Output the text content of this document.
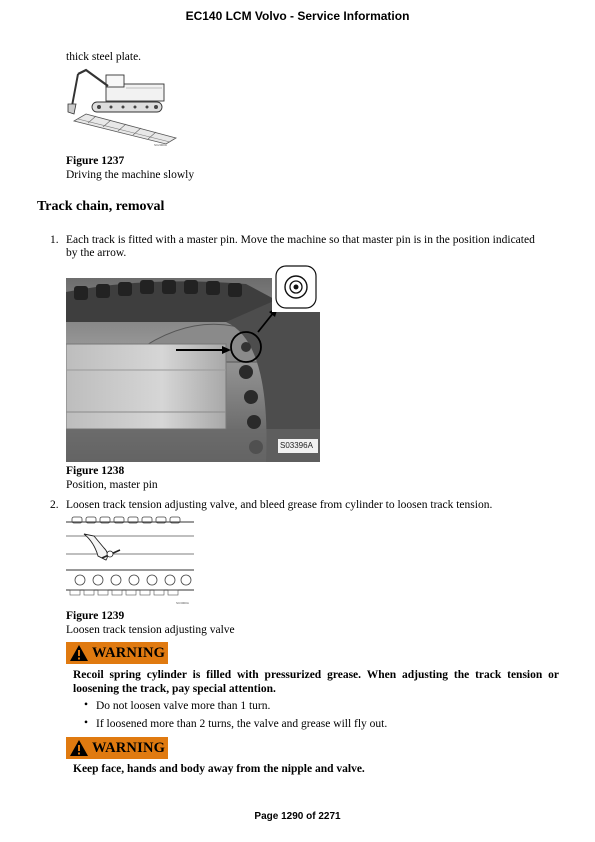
EC140 LCM Volvo - Service Information
thick steel plate.
SC2000A
Figure 1237
Driving the machine slowly
Track chain, removal
1. Each track is fitted with a master pin. Move the machine so that master pin is in the position indicated
by the arrow.
S03396A
Figure 1238
Position, master pin
2. Loosen track tension adjusting valve, and bleed grease from cylinder to loosen track tension.
SC3000A
Figure 1239
Loosen track tension adjusting valve
WARNING
Recoil spring cylinder is filled with pressurized grease. When adjusting the track tension or
loosening the track, pay special attention.
• Do not loosen valve more than 1 turn.
• If loosened more than 2 turns, the valve and grease will fly out.
WARNING
Keep face, hands and body away from the nipple and valve.
Page 1290 of 2271
